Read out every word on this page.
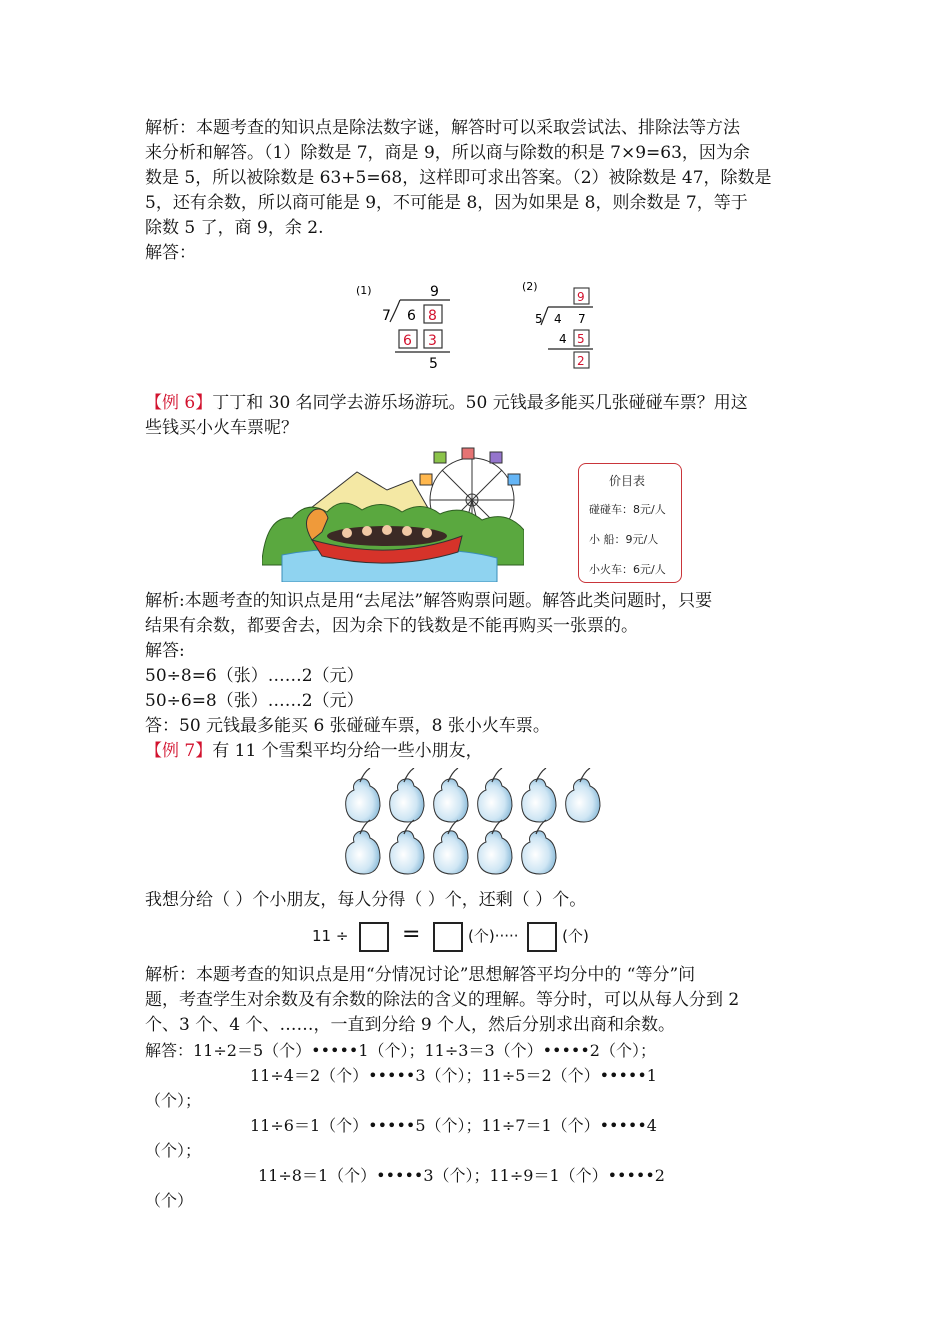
解析：本题考查的知识点是除法数字谜，解答时可以采取尝试法、排除法等方法
来分析和解答。（1）除数是 7，商是 9，所以商与除数的积是 7×9=63，因为余
数是 5，所以被除数是 63+5=68，这样即可求出答案。（2）被除数是 47，除数是
5，还有余数，所以商可能是 9，不可能是 8，因为如果是 8，则余数是 7，等于
除数 5 了，商 9，余 2.
解答：
(1)	9
7 6 8
6 3
5
(2)
9
5 4 7
4 5
2
【例 6】丁丁和 30 名同学去游乐场游玩。50 元钱最多能买几张碰碰车票？用这
些钱买小火车票呢？
价目表
碰碰车：8元/人
小 船：9元/人
小火车：6元/人
解析:本题考查的知识点是用“去尾法”解答购票问题。解答此类问题时，只要
结果有余数，都要舍去，因为余下的钱数是不能再购买一张票的。
解答:
50÷8=6（张）……2（元）
50÷6=8（张）……2（元）
答：50 元钱最多能买 6 张碰碰车票，8 张小火车票。
【例 7】有 11 个雪梨平均分给一些小朋友，
我想分给（ ）个小朋友，每人分得（ ）个，还剩（ ）个。
11 ÷ =	(个)·····	(个)
解析：本题考查的知识点是用“分情况讨论”思想解答平均分中的 “等分”问
题，考查学生对余数及有余数的除法的含义的理解。等分时，可以从每人分到 2
个、3 个、4 个、……，一直到分给 9 个人，然后分别求出商和余数。
解答：11÷2＝5（个）•••••1（个）；11÷3＝3（个）•••••2（个）；
11÷4＝2（个）•••••3（个）；11÷5＝2（个）•••••1
（个）；
11÷6＝1（个）•••••5（个）；11÷7＝1（个）•••••4
（个）；
11÷8＝1（个）•••••3（个）；11÷9＝1（个）•••••2
（个）
